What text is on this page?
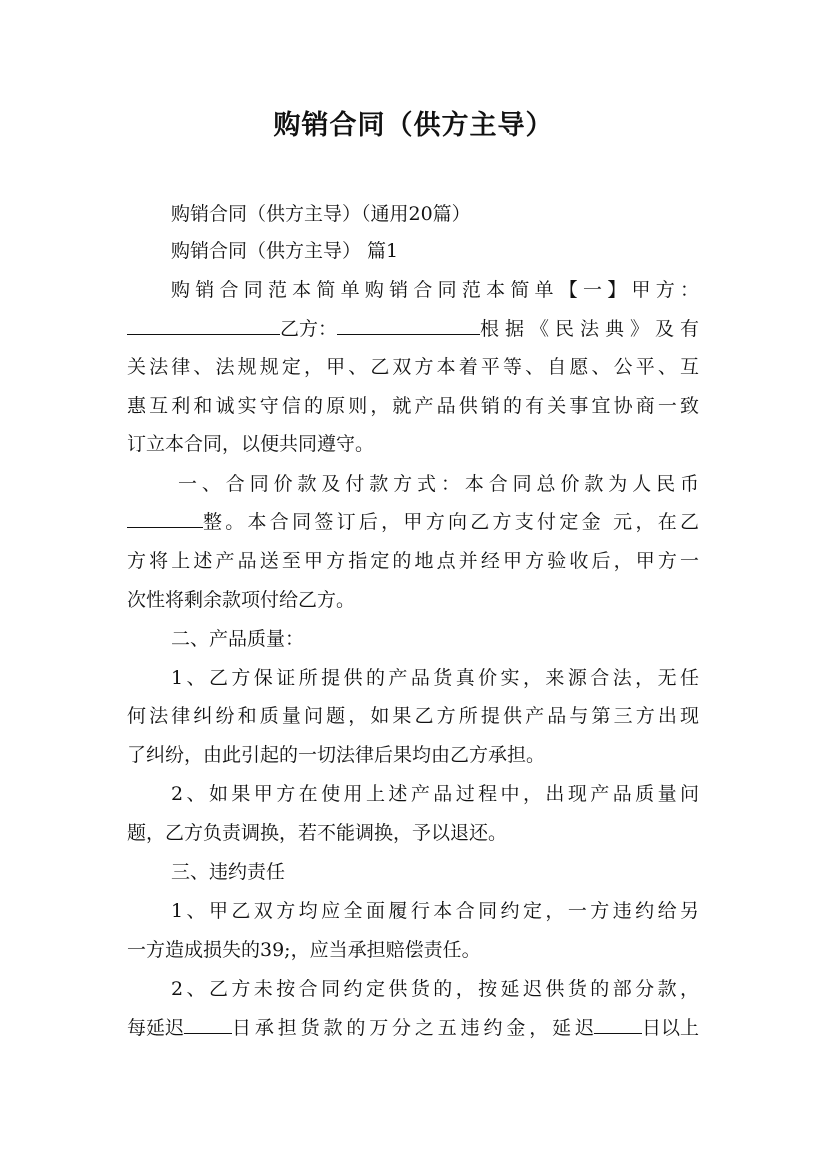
购销合同（供方主导）
购销合同（供方主导）（通用20篇）
购销合同（供方主导） 篇1
购销合同范本简单购销合同范本简单【一】甲方：
乙方：	根据《民法典》及有
关法律、法规规定，甲、乙双方本着平等、自愿、公平、互
惠互利和诚实守信的原则，就产品供销的有关事宜协商一致
订立本合同，以便共同遵守。
一、合同价款及付款方式：本合同总价款为人民币
整。本合同签订后，甲方向乙方支付定金 元，在乙
方将上述产品送至甲方指定的地点并经甲方验收后，甲方一
次性将剩余款项付给乙方。
二、产品质量：
1、乙方保证所提供的产品货真价实，来源合法，无任
何法律纠纷和质量问题，如果乙方所提供产品与第三方出现
了纠纷，由此引起的一切法律后果均由乙方承担。
2、如果甲方在使用上述产品过程中，出现产品质量问
题，乙方负责调换，若不能调换，予以退还。
三、违约责任
1、甲乙双方均应全面履行本合同约定，一方违约给另
一方造成损失的39;，应当承担赔偿责任。
2、乙方未按合同约定供货的，按延迟供货的部分款，
每延迟	日承担货款的万分之五违约金，延迟	日以上
